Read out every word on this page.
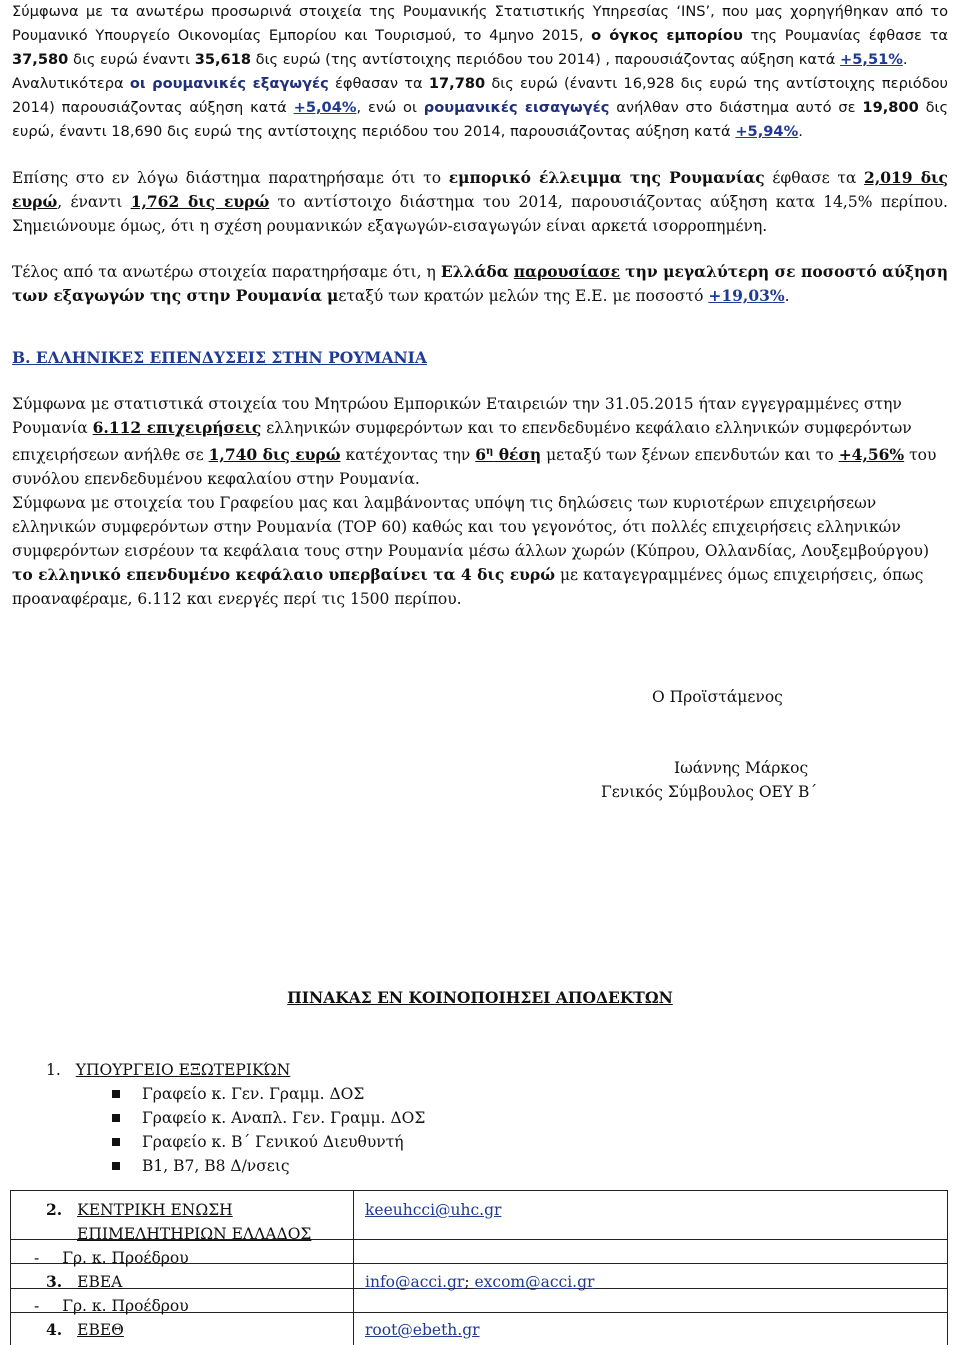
Σύμφωνα με τα ανωτέρω προσωρινά στοιχεία της Ρουμανικής Στατιστικής Υπηρεσίας ‘INS’, που μας χορηγήθηκαν από το Ρουμανικό Υπουργείο Οικονομίας Εμπορίου και Τουρισμού, το 4μηνο 2015, ο όγκος εμπορίου της Ρουμανίας έφθασε τα 37,580 δις ευρώ έναντι 35,618 δις ευρώ (της αντίστοιχης περιόδου του 2014) , παρουσιάζοντας αύξηση κατά +5,51%.

Αναλυτικότερα οι ρουμανικές εξαγωγές έφθασαν τα 17,780 δις ευρώ (έναντι 16,928 δις ευρώ της αντίστοιχης περιόδου 2014) παρουσιάζοντας αύξηση κατά +5,04%, ενώ οι ρουμανικές εισαγωγές ανήλθαν στο διάστημα αυτό σε 19,800 δις ευρώ, έναντι 18,690 δις ευρώ της αντίστοιχης περιόδου του 2014, παρουσιάζοντας αύξηση κατά +5,94%.

Επίσης στο εν λόγω διάστημα παρατηρήσαμε ότι το εμπορικό έλλειμμα της Ρουμανίας έφθασε τα 2,019 δις ευρώ, έναντι 1,762 δις ευρώ το αντίστοιχο διάστημα του 2014, παρουσιάζοντας αύξηση κατα 14,5% περίπου. Σημειώνουμε όμως, ότι η σχέση ρουμανικών εξαγωγών-εισαγωγών είναι αρκετά ισορροπημένη.

Τέλος από τα ανωτέρω στοιχεία παρατηρήσαμε ότι, η Ελλάδα παρουσίασε την μεγαλύτερη σε ποσοστό αύξηση των εξαγωγών της στην Ρουμανία μεταξύ των κρατών μελών της Ε.Ε. με ποσοστό +19,03%.

Β. ΕΛΛΗΝΙΚΕΣ ΕΠΕΝΔΥΣΕΙΣ ΣΤΗΝ ΡΟΥΜΑΝΙΑ

Σύμφωνα με στατιστικά στοιχεία του Μητρώου Εμπορικών Εταιρειών την 31.05.2015 ήταν εγγεγραμμένες στην Ρουμανία 6.112 επιχειρήσεις ελληνικών συμφερόντων και το επενδεδυμένο κεφάλαιο ελληνικών συμφερόντων επιχειρήσεων ανήλθε σε 1,740 δις ευρώ κατέχοντας την $6^\eta$ θέση μεταξύ των ξένων επενδυτών και το +4,56% του συνόλου επενδεδυμένου κεφαλαίου στην Ρουμανία.

Σύμφωνα με στοιχεία του Γραφείου μας και λαμβάνοντας υπόψη τις δηλώσεις των κυριοτέρων επιχειρήσεων ελληνικών συμφερόντων στην Ρουμανία (TOP 60) καθώς και του γεγονότος, ότι πολλές επιχειρήσεις ελληνικών συμφερόντων εισρέουν τα κεφάλαια τους στην Ρουμανία μέσω άλλων χωρών (Κύπρου, Ολλανδίας, Λουξεμβούργου) το ελληνικό επενδυμένο κεφάλαιο υπερβαίνει τα 4 δις ευρώ με καταγεγραμμένες όμως επιχειρήσεις, όπως προαναφέραμε, 6.112 και ενεργές περί τις 1500 περίπου.

Ο Προϊστάμενος
Ιωάννης Μάρκος
Γενικός Σύμβουλος ΟΕΥ Β΄
ΠΙΝΑΚΑΣ ΕΝ ΚΟΙΝΟΠΟΙΗΣΕΙ ΑΠΟΔΕΚΤΩΝ
1. ΥΠΟΥΡΓΕΙΟ ΕΞΩΤΕΡΙΚΏΝ
Γραφείο κ. Γεν. Γραμμ. ΔΟΣ
Γραφείο κ. Αναπλ. Γεν. Γραμμ. ΔΟΣ
Γραφείο κ. Β΄ Γενικού Διευθυντή
Β1, Β7, Β8 Δ/νσεις
2. ΚΕΝΤΡΙΚΗ ΕΝΩΣΗ
ΕΠΙΜΕΛΗΤΗΡΙΩΝ ΕΛΛΑΔΟΣ
keeuhcci@uhc.gr
- Γρ. κ. Προέδρου
3. ΕΒΕΑ	info@acci.gr; excom@acci.gr
- Γρ. κ. Προέδρου
4. ΕΒΕΘ	root@ebeth.gr
